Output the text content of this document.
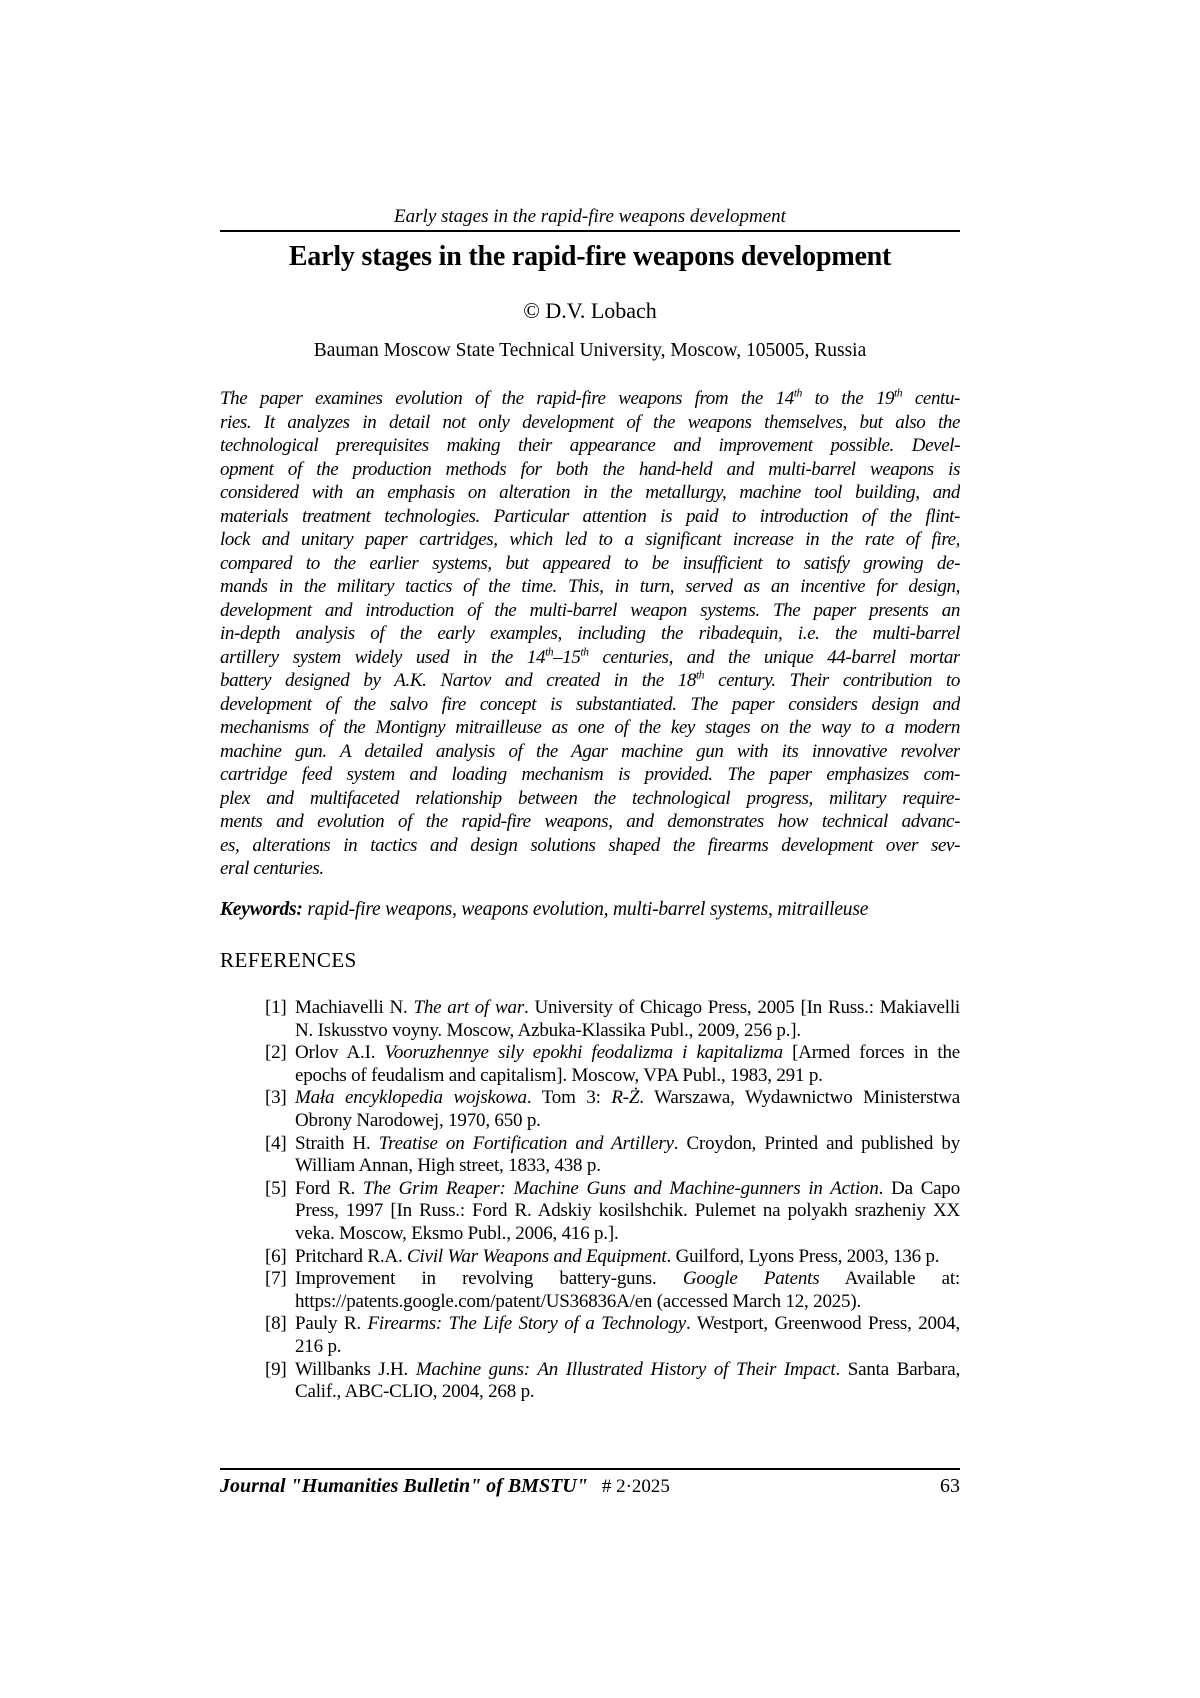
Early stages in the rapid-fire weapons development
Early stages in the rapid-fire weapons development
© D.V. Lobach
Bauman Moscow State Technical University, Moscow, 105005, Russia
The paper examines evolution of the rapid-fire weapons from the 14th to the 19th centu-
ries. It analyzes in detail not only development of the weapons themselves, but also the
technological prerequisites making their appearance and improvement possible. Devel-
opment of the production methods for both the hand-held and multi-barrel weapons is
considered with an emphasis on alteration in the metallurgy, machine tool building, and
materials treatment technologies. Particular attention is paid to introduction of the flint-
lock and unitary paper cartridges, which led to a significant increase in the rate of fire,
compared to the earlier systems, but appeared to be insufficient to satisfy growing de-
mands in the military tactics of the time. This, in turn, served as an incentive for design,
development and introduction of the multi-barrel weapon systems. The paper presents an
in-depth analysis of the early examples, including the ribadequin, i.e. the multi-barrel
artillery system widely used in the 14th–15th centuries, and the unique 44-barrel mortar
battery designed by A.K. Nartov and created in the 18th century. Their contribution to
development of the salvo fire concept is substantiated. The paper considers design and
mechanisms of the Montigny mitrailleuse as one of the key stages on the way to a modern
machine gun. A detailed analysis of the Agar machine gun with its innovative revolver
cartridge feed system and loading mechanism is provided. The paper emphasizes com-
plex and multifaceted relationship between the technological progress, military require-
ments and evolution of the rapid-fire weapons, and demonstrates how technical advanc-
es, alterations in tactics and design solutions shaped the firearms development over sev-
eral centuries.
Keywords: rapid-fire weapons, weapons evolution, multi-barrel systems, mitrailleuse
REFERENCES
[1] Machiavelli N. The art of war. University of Chicago Press, 2005 [In Russ.: Makiavelli N. Iskusstvo voyny. Moscow, Azbuka-Klassika Publ., 2009, 256 p.].
[2] Orlov A.I. Vooruzhennye sily epokhi feodalizma i kapitalizma [Armed forces in the epochs of feudalism and capitalism]. Moscow, VPA Publ., 1983, 291 p.
[3] Mała encyklopedia wojskowa. Tom 3: R-Ż. Warszawa, Wydawnictwo Ministerstwa Obrony Narodowej, 1970, 650 p.
[4] Straith H. Treatise on Fortification and Artillery. Croydon, Printed and published by William Annan, High street, 1833, 438 p.
[5] Ford R. The Grim Reaper: Machine Guns and Machine-gunners in Action. Da Capo Press, 1997 [In Russ.: Ford R. Adskiy kosilshchik. Pulemet na polyakh srazheniy XX veka. Moscow, Eksmo Publ., 2006, 416 p.].
[6] Pritchard R.A. Civil War Weapons and Equipment. Guilford, Lyons Press, 2003, 136 p.
[7] Improvement in revolving battery-guns. Google Patents Available at: https://patents.google.com/patent/US36836A/en (accessed March 12, 2025).
[8] Pauly R. Firearms: The Life Story of a Technology. Westport, Greenwood Press, 2004, 216 p.
[9] Willbanks J.H. Machine guns: An Illustrated History of Their Impact. Santa Barbara, Calif., ABC-CLIO, 2004, 268 p.
Journal "Humanities Bulletin" of BMSTU" # 2·2025	63
